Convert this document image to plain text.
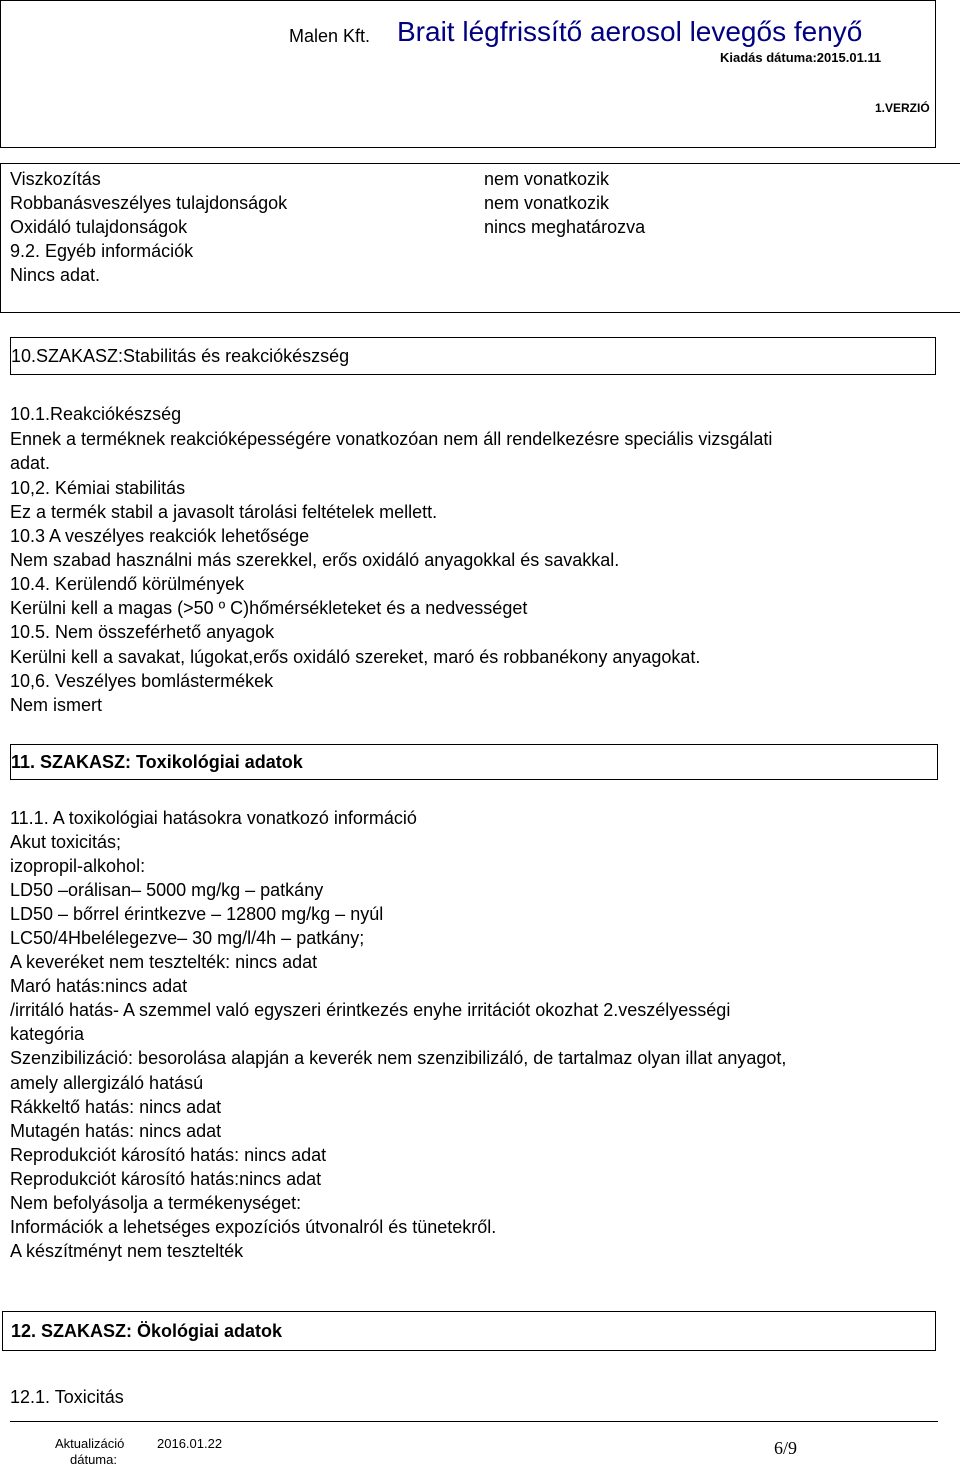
Malen Kft. Brait légfrissítő aerosol levegős fenyő
Kiadás dátuma:2015.01.11
1.VERZIÓ
Viszkozítás	nem vonatkozik
Robbanásveszélyes tulajdonságok	nem vonatkozik
Oxidáló tulajdonságok	nincs meghatározva
9.2. Egyéb információk
Nincs adat.
10.SZAKASZ:Stabilitás és reakciókészség
10.1.Reakciókészség
Ennek a terméknek reakcióképességére vonatkozóan nem áll rendelkezésre speciális vizsgálati
adat.
10,2. Kémiai stabilitás
Ez a termék stabil a javasolt tárolási feltételek mellett.
10.3 A veszélyes reakciók lehetősége
Nem szabad használni más szerekkel, erős oxidáló anyagokkal és savakkal.
10.4. Kerülendő körülmények
Kerülni kell a magas (>50 º C)hőmérsékleteket és a nedvességet
10.5. Nem összeférhető anyagok
Kerülni kell a savakat, lúgokat,erős oxidáló szereket, maró és robbanékony anyagokat.
10,6. Veszélyes bomlástermékek
Nem ismert
11. SZAKASZ: Toxikológiai adatok
11.1. A toxikológiai hatásokra vonatkozó információ
Akut toxicitás;
izopropil-alkohol:
LD50 –orálisan– 5000 mg/kg – patkány
LD50 – bőrrel érintkezve – 12800 mg/kg – nyúl
LC50/4Hbelélegezve– 30 mg/l/4h – patkány;
A keveréket nem tesztelték: nincs adat
Maró hatás:nincs adat
/irritáló hatás- A szemmel való egyszeri érintkezés enyhe irritációt okozhat 2.veszélyességi
kategória
Szenzibilizáció: besorolása alapján a keverék nem szenzibilizáló, de tartalmaz olyan illat anyagot,
amely allergizáló hatású
Rákkeltő hatás: nincs adat
Mutagén hatás: nincs adat
Reprodukciót károsító hatás: nincs adat
Reprodukciót károsító hatás:nincs adat
Nem befolyásolja a termékenységet:
Információk a lehetséges expozíciós útvonalról és tünetekről.
A készítményt nem tesztelték
12. SZAKASZ: Ökológiai adatok
12.1. Toxicitás
Aktualizáció
dátuma:
2016.01.22	6/9
